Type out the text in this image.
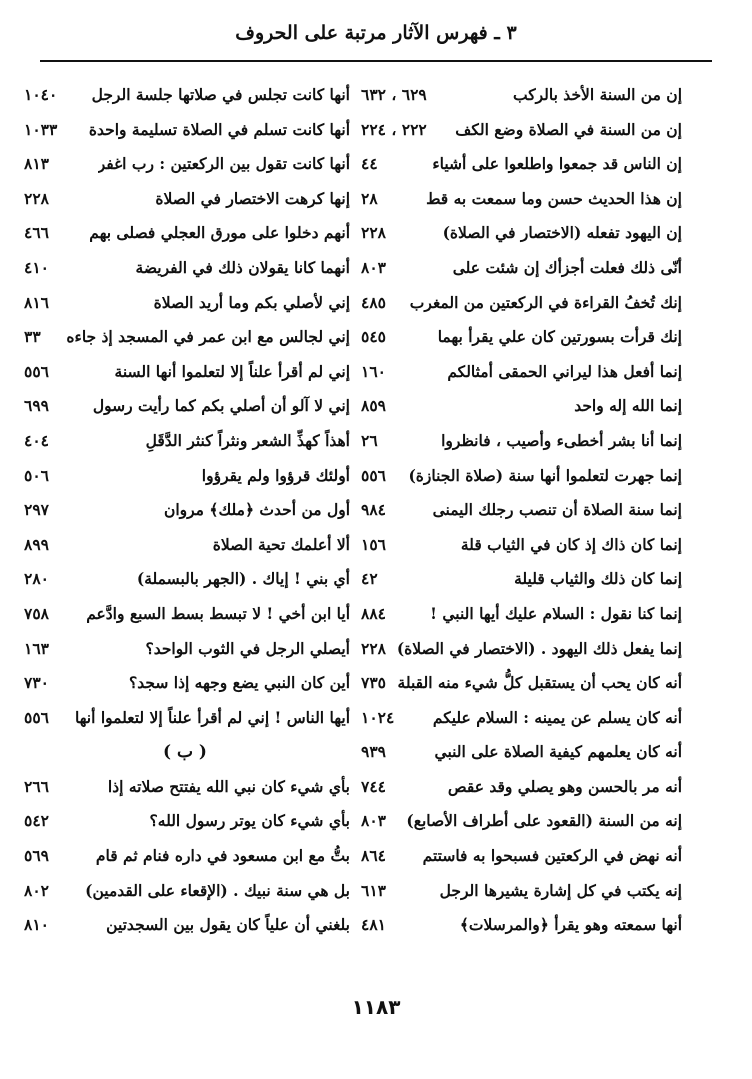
٣ ـ فهرس الآثار مرتبة على الحروف
إن من السنة الأخذ بالركب
٦٢٩ ، ٦٣٢
إن من السنة في الصلاة وضع الكف
٢٢٢ ، ٢٢٤
إن الناس قد جمعوا واطلعوا على أشياء
٤٤
إن هذا الحديث حسن وما سمعت به قط
٢٨
إن اليهود تفعله (الاختصار في الصلاة)
٢٢٨
أنّى ذلك فعلت أجزأك إن شئت على
٨٠٣
إنك تُخفُ القراءة في الركعتين من المغرب
٤٨٥
إنك قرأت بسورتين كان علي يقرأ بهما
٥٤٥
إنما أفعل هذا ليراني الحمقى أمثالكم
١٦٠
إنما الله إله واحد
٨٥٩
إنما أنا بشر أخطىء وأصيب ، فانظروا
٢٦
إنما جهرت لتعلموا أنها سنة (صلاة الجنازة)
٥٥٦
إنما سنة الصلاة أن تنصب رجلك اليمنى
٩٨٤
إنما كان ذاك إذ كان في الثياب قلة
١٥٦
إنما كان ذلك والثياب قليلة
٤٢
إنما كنا نقول : السلام عليك أيها النبي !
٨٨٤
إنما يفعل ذلك اليهود . (الاختصار في الصلاة)
٢٢٨
أنه كان يحب أن يستقبل كلُّ شيء منه القبلة
٧٣٥
أنه كان يسلم عن يمينه : السلام عليكم
١٠٢٤
أنه كان يعلمهم كيفية الصلاة على النبي
٩٣٩
أنه مر بالحسن وهو يصلي وقد عقص
٧٤٤
إنه من السنة (القعود على أطراف الأصابع)
٨٠٣
أنه نهض في الركعتين فسبحوا به فاستتم
٨٦٤
إنه يكتب في كل إشارة يشيرها الرجل
٦١٣
أنها سمعته وهو يقرأ ﴿والمرسلات﴾
٤٨١
أنها كانت تجلس في صلاتها جلسة الرجل
١٠٤٠
أنها كانت تسلم في الصلاة تسليمة واحدة
١٠٣٣
أنها كانت تقول بين الركعتين : رب اغفر
٨١٣
إنها كرهت الاختصار في الصلاة
٢٢٨
أنهم دخلوا على مورق العجلي فصلى بهم
٤٦٦
أنهما كانا يقولان ذلك في الفريضة
٤١٠
إني لأصلي بكم وما أريد الصلاة
٨١٦
إني لجالس مع ابن عمر في المسجد إذ جاءه
٣٣
إني لم أقرأ علناً إلا لتعلموا أنها السنة
٥٥٦
إني لا آلو أن أصلي بكم كما رأيت رسول
٦٩٩
أهذاً كهذِّ الشعر ونثراً كنثر الدَّقَلِ
٤٠٤
أولئك قرؤوا ولم يقرؤوا
٥٠٦
أول من أحدث ﴿ملك﴾ مروان
٢٩٧
ألا أعلمك تحية الصلاة
٨٩٩
أي بني ! إياك . (الجهر بالبسملة)
٢٨٠
أيا ابن أخي ! لا تبسط بسط السبع وادَّعم
٧٥٨
أيصلي الرجل في الثوب الواحد؟
١٦٣
أين كان النبي يضع وجهه إذا سجد؟
٧٣٠
أيها الناس ! إني لم أقرأ علناً إلا لتعلموا أنها
٥٥٦
( ب )
بأي شيء كان نبي الله يفتتح صلاته إذا
٢٦٦
بأي شيء كان يوتر رسول الله؟
٥٤٢
بتُّ مع ابن مسعود في داره فنام ثم قام
٥٦٩
بل هي سنة نبيك . (الإقعاء على القدمين)
٨٠٢
بلغني أن علياً كان يقول بين السجدتين
٨١٠
١١٨٣
